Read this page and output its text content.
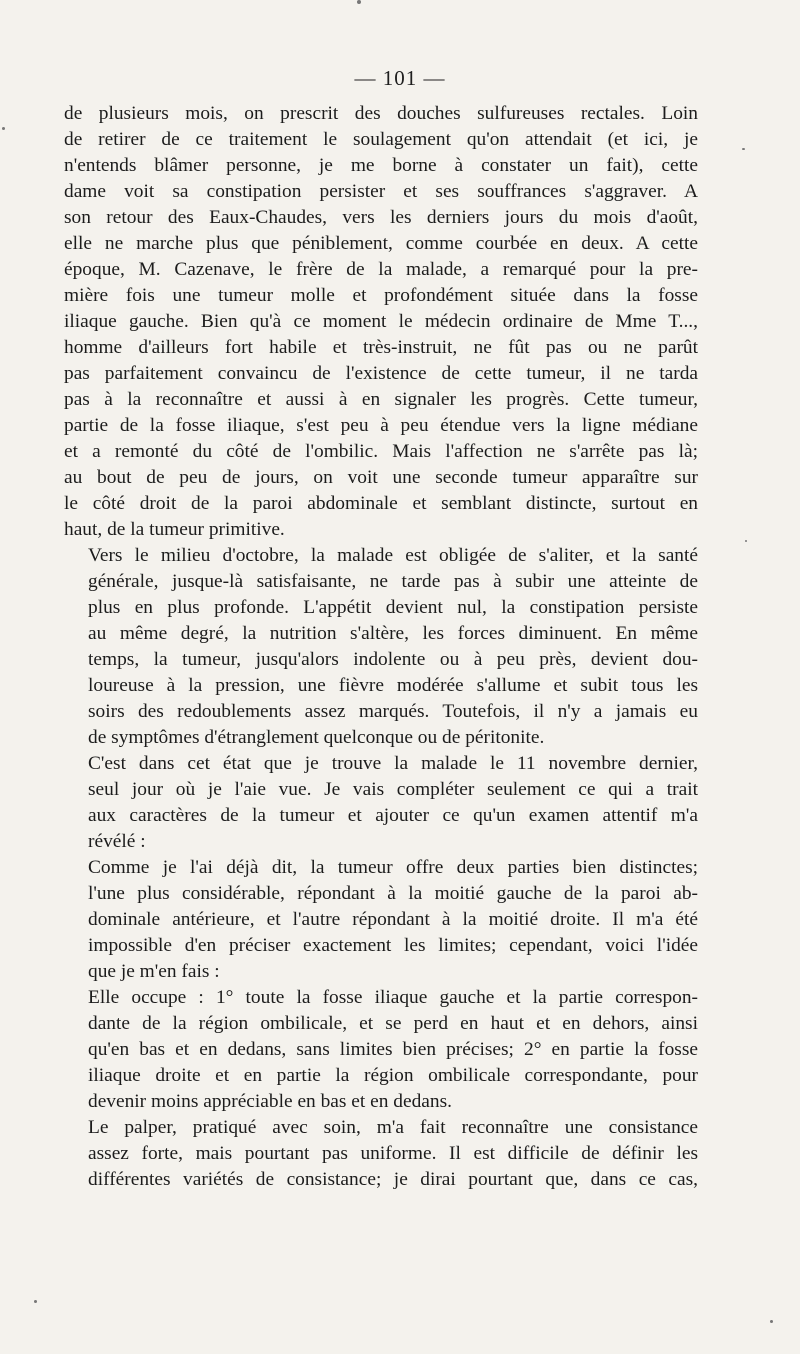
— 101 —
de plusieurs mois, on prescrit des douches sulfureuses rectales. Loin
de retirer de ce traitement le soulagement qu'on attendait (et ici, je
n'entends blâmer personne, je me borne à constater un fait), cette
dame voit sa constipation persister et ses souffrances s'aggraver. A
son retour des Eaux-Chaudes, vers les derniers jours du mois d'août,
elle ne marche plus que péniblement, comme courbée en deux. A cette
époque, M. Cazenave, le frère de la malade, a remarqué pour la pre-
mière fois une tumeur molle et profondément située dans la fosse
iliaque gauche. Bien qu'à ce moment le médecin ordinaire de Mme T...,
homme d'ailleurs fort habile et très-instruit, ne fût pas ou ne parût
pas parfaitement convaincu de l'existence de cette tumeur, il ne tarda
pas à la reconnaître et aussi à en signaler les progrès. Cette tumeur,
partie de la fosse iliaque, s'est peu à peu étendue vers la ligne médiane
et a remonté du côté de l'ombilic. Mais l'affection ne s'arrête pas là;
au bout de peu de jours, on voit une seconde tumeur apparaître sur
le côté droit de la paroi abdominale et semblant distincte, surtout en
haut, de la tumeur primitive.
Vers le milieu d'octobre, la malade est obligée de s'aliter, et la santé
générale, jusque-là satisfaisante, ne tarde pas à subir une atteinte de
plus en plus profonde. L'appétit devient nul, la constipation persiste
au même degré, la nutrition s'altère, les forces diminuent. En même
temps, la tumeur, jusqu'alors indolente ou à peu près, devient dou-
loureuse à la pression, une fièvre modérée s'allume et subit tous les
soirs des redoublements assez marqués. Toutefois, il n'y a jamais eu
de symptômes d'étranglement quelconque ou de péritonite.
C'est dans cet état que je trouve la malade le 11 novembre dernier,
seul jour où je l'aie vue. Je vais compléter seulement ce qui a trait
aux caractères de la tumeur et ajouter ce qu'un examen attentif m'a
révélé :
Comme je l'ai déjà dit, la tumeur offre deux parties bien distinctes;
l'une plus considérable, répondant à la moitié gauche de la paroi ab-
dominale antérieure, et l'autre répondant à la moitié droite. Il m'a été
impossible d'en préciser exactement les limites; cependant, voici l'idée
que je m'en fais :
Elle occupe : 1° toute la fosse iliaque gauche et la partie correspon-
dante de la région ombilicale, et se perd en haut et en dehors, ainsi
qu'en bas et en dedans, sans limites bien précises; 2° en partie la fosse
iliaque droite et en partie la région ombilicale correspondante, pour
devenir moins appréciable en bas et en dedans.
Le palper, pratiqué avec soin, m'a fait reconnaître une consistance
assez forte, mais pourtant pas uniforme. Il est difficile de définir les
différentes variétés de consistance; je dirai pourtant que, dans ce cas,
